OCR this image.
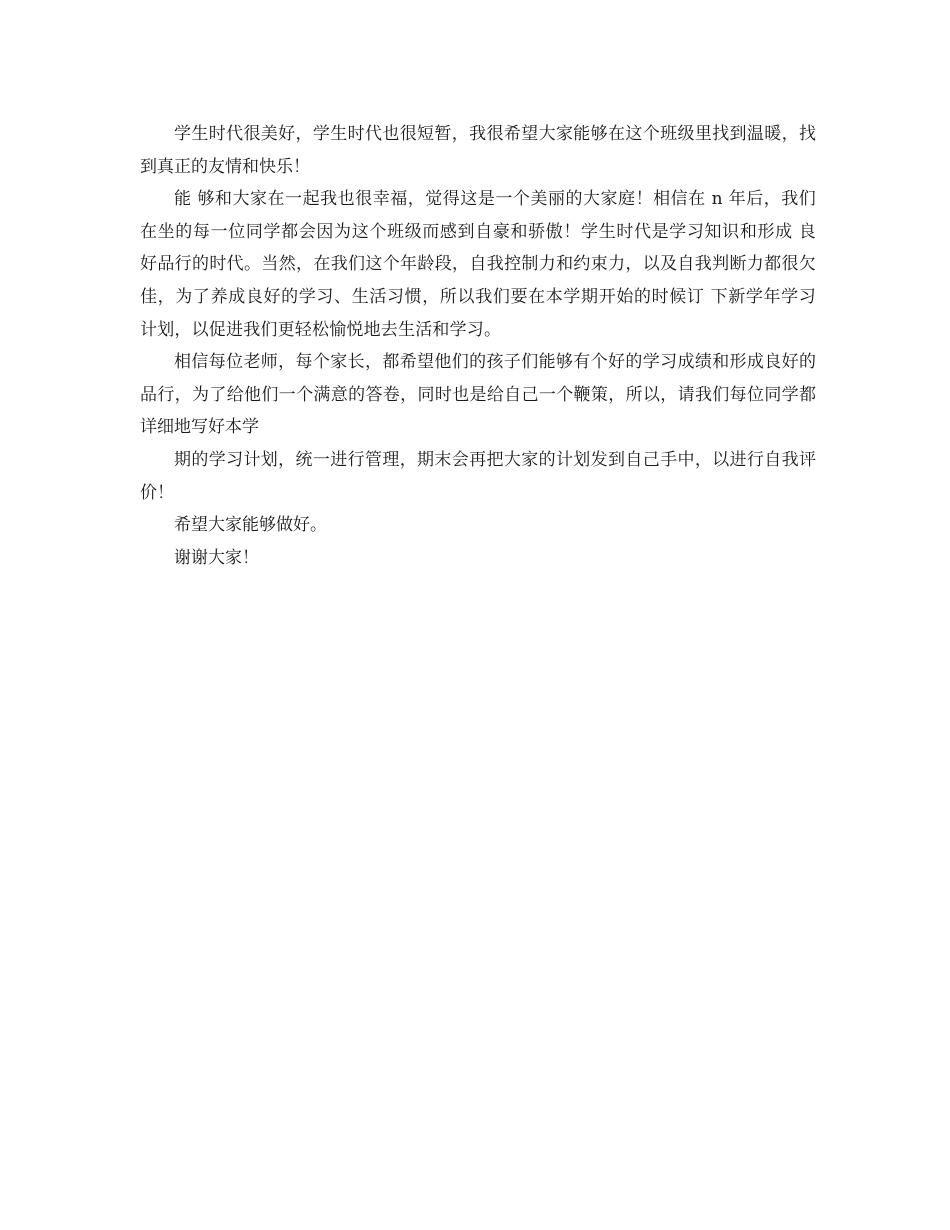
学生时代很美好，学生时代也很短暂，我很希望大家能够在这个班级里找到温暖，找到真正的友情和快乐！

能 够和大家在一起我也很幸福，觉得这是一个美丽的大家庭！相信在 n 年后，我们在坐的每一位同学都会因为这个班级而感到自豪和骄傲！学生时代是学习知识和形成 良好品行的时代。当然，在我们这个年龄段，自我控制力和约束力，以及自我判断力都很欠佳，为了养成良好的学习、生活习惯，所以我们要在本学期开始的时候订 下新学年学习计划，以促进我们更轻松愉悦地去生活和学习。

相信每位老师，每个家长，都希望他们的孩子们能够有个好的学习成绩和形成良好的品行，为了给他们一个满意的答卷，同时也是给自己一个鞭策，所以，请我们每位同学都详细地写好本学

期的学习计划，统一进行管理，期末会再把大家的计划发到自己手中，以进行自我评价！

希望大家能够做好。

谢谢大家！
